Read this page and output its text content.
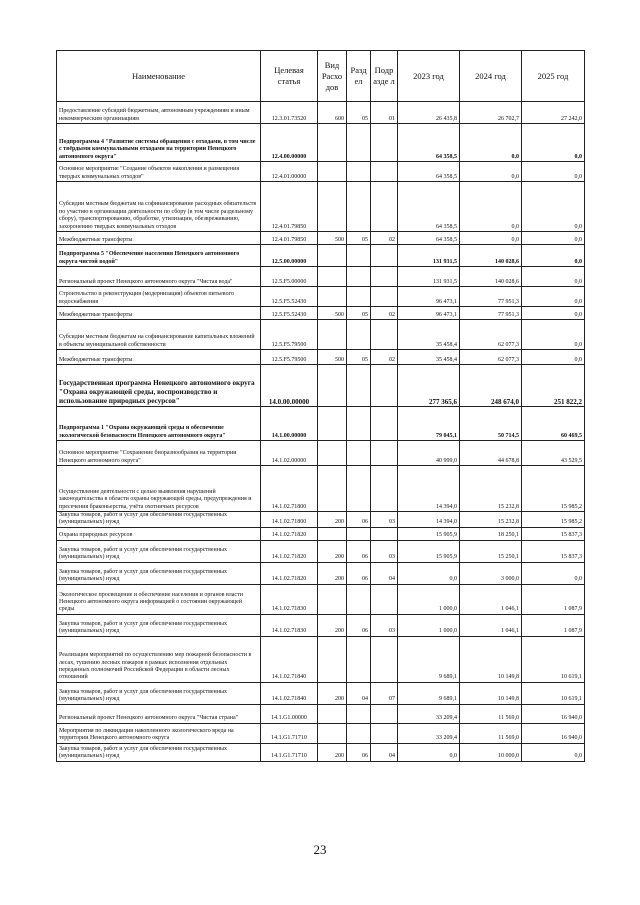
Наименование	Целевая статья	Вид Расхо дов	Разд ел	Подр азде л	2023 год	2024 год	2025 год
Предоставление субсидий бюджетным, автономным учреждениям и иным некоммерческим организациям	12.3.01.73520	600	05	01	26 435,8	26 702,7	27 242,0
Подпрограмма 4 "Развитие системы обращения с отходами, в том числе с твёрдыми коммунальными отходами на территории Ненецкого автономного округа"	12.4.00.00000				64 358,5	0,0	0,0
Основное мероприятие "Создание объектов накопления и размещения твердых коммунальных отходов"	12.4.01.00000				64 358,5	0,0	0,0
Субсидии местным бюджетам на софинансирование расходных обязательств по участию в организации деятельности по сбору (в том числе раздельному сбору), транспортированию, обработке, утилизации, обезвреживанию, захоронению твердых коммунальных отходов	12.4.01.79850				64 358,5	0,0	0,0
Межбюджетные трансферты	12.4.01.79850	500	05	02	64 358,5	0,0	0,0
Подпрограмма 5 "Обеспечение населения Ненецкого автономного округа чистой водой"	12.5.00.00000				131 931,5	140 028,6	0,0
Региональный проект Ненецкого автономного округа "Чистая вода"	12.5.F5.00000				131 931,5	140 028,6	0,0
Строительство и реконструкция (модернизация) объектов питьевого водоснабжения	12.5.F5.52430				96 473,1	77 951,3	0,0
Межбюджетные трансферты	12.5.F5.52430	500	05	02	96 473,1	77 951,3	0,0
Субсидии местным бюджетам на софинансирование капитальных вложений в объекты муниципальной собственности	12.5.F5.79500				35 458,4	62 077,3	0,0
Межбюджетные трансферты	12.5.F5.79500	500	05	02	35 458,4	62 077,3	0,0
Государственная программа Ненецкого автономного округа "Охрана окружающей среды, воспроизводство и использование природных ресурсов"	14.0.00.00000				277 365,6	248 674,0	251 822,2
Подпрограмма 1 "Охрана окружающей среды и обеспечение экологической безопасности Ненецкого автономного округа"	14.1.00.00000				79 045,1	50 714,5	60 469,5
Основное мероприятие "Сохранение биоразнообразия на территории Ненецкого автономного округа"	14.1.02.00000				40 999,0	44 678,8	43 529,5
Осуществление деятельности с целью выявления нарушений законодательства в области охраны окружающей среды, предупреждения и пресечения браконьерства, учёта охотничьих ресурсов	14.1.02.71800				14 394,0	15 232,8	15 985,2
Закупка товаров, работ и услуг для обеспечения государственных (муниципальных) нужд	14.1.02.71800	200	06	03	14 394,0	15 232,8	15 985,2
Охрана природных ресурсов	14.1.02.71820				15 905,9	18 250,1	15 837,3
Закупка товаров, работ и услуг для обеспечения государственных (муниципальных) нужд	14.1.02.71820	200	06	03	15 905,9	15 250,1	15 837,3
Закупка товаров, работ и услуг для обеспечения государственных (муниципальных) нужд	14.1.02.71820	200	06	04	0,0	3 000,0	0,0
Экологическое просвещение и обеспечение населения и органов власти Ненецкого автономного округа информацией о состоянии окружающей среды	14.1.02.71830				1 000,0	1 046,1	1 087,9
Закупка товаров, работ и услуг для обеспечения государственных (муниципальных) нужд	14.1.02.71830	200	06	03	1 000,0	1 046,1	1 087,9
Реализация мероприятий по осуществлению мер пожарной безопасности в лесах, тушению лесных пожаров в рамках исполнения отдельных переданных полномочий Российской Федерации в области лесных отношений	14.1.02.71840				9 689,1	10 149,8	10 619,1
Закупка товаров, работ и услуг для обеспечения государственных (муниципальных) нужд	14.1.02.71840	200	04	07	9 689,1	10 149,8	10 619,1
Региональный проект Ненецкого автономного округа "Чистая страна"	14.1.G1.00000				33 209,4	11 569,0	16 940,0
Мероприятия по ликвидации накопленного экологического вреда на территории Ненецкого автономного округа	14.1.G1.71710				33 209,4	11 569,0	16 940,0
Закупка товаров, работ и услуг для обеспечения государственных (муниципальных) нужд	14.1.G1.71710	200	06	04	0,0	10 000,0	0,0
23
